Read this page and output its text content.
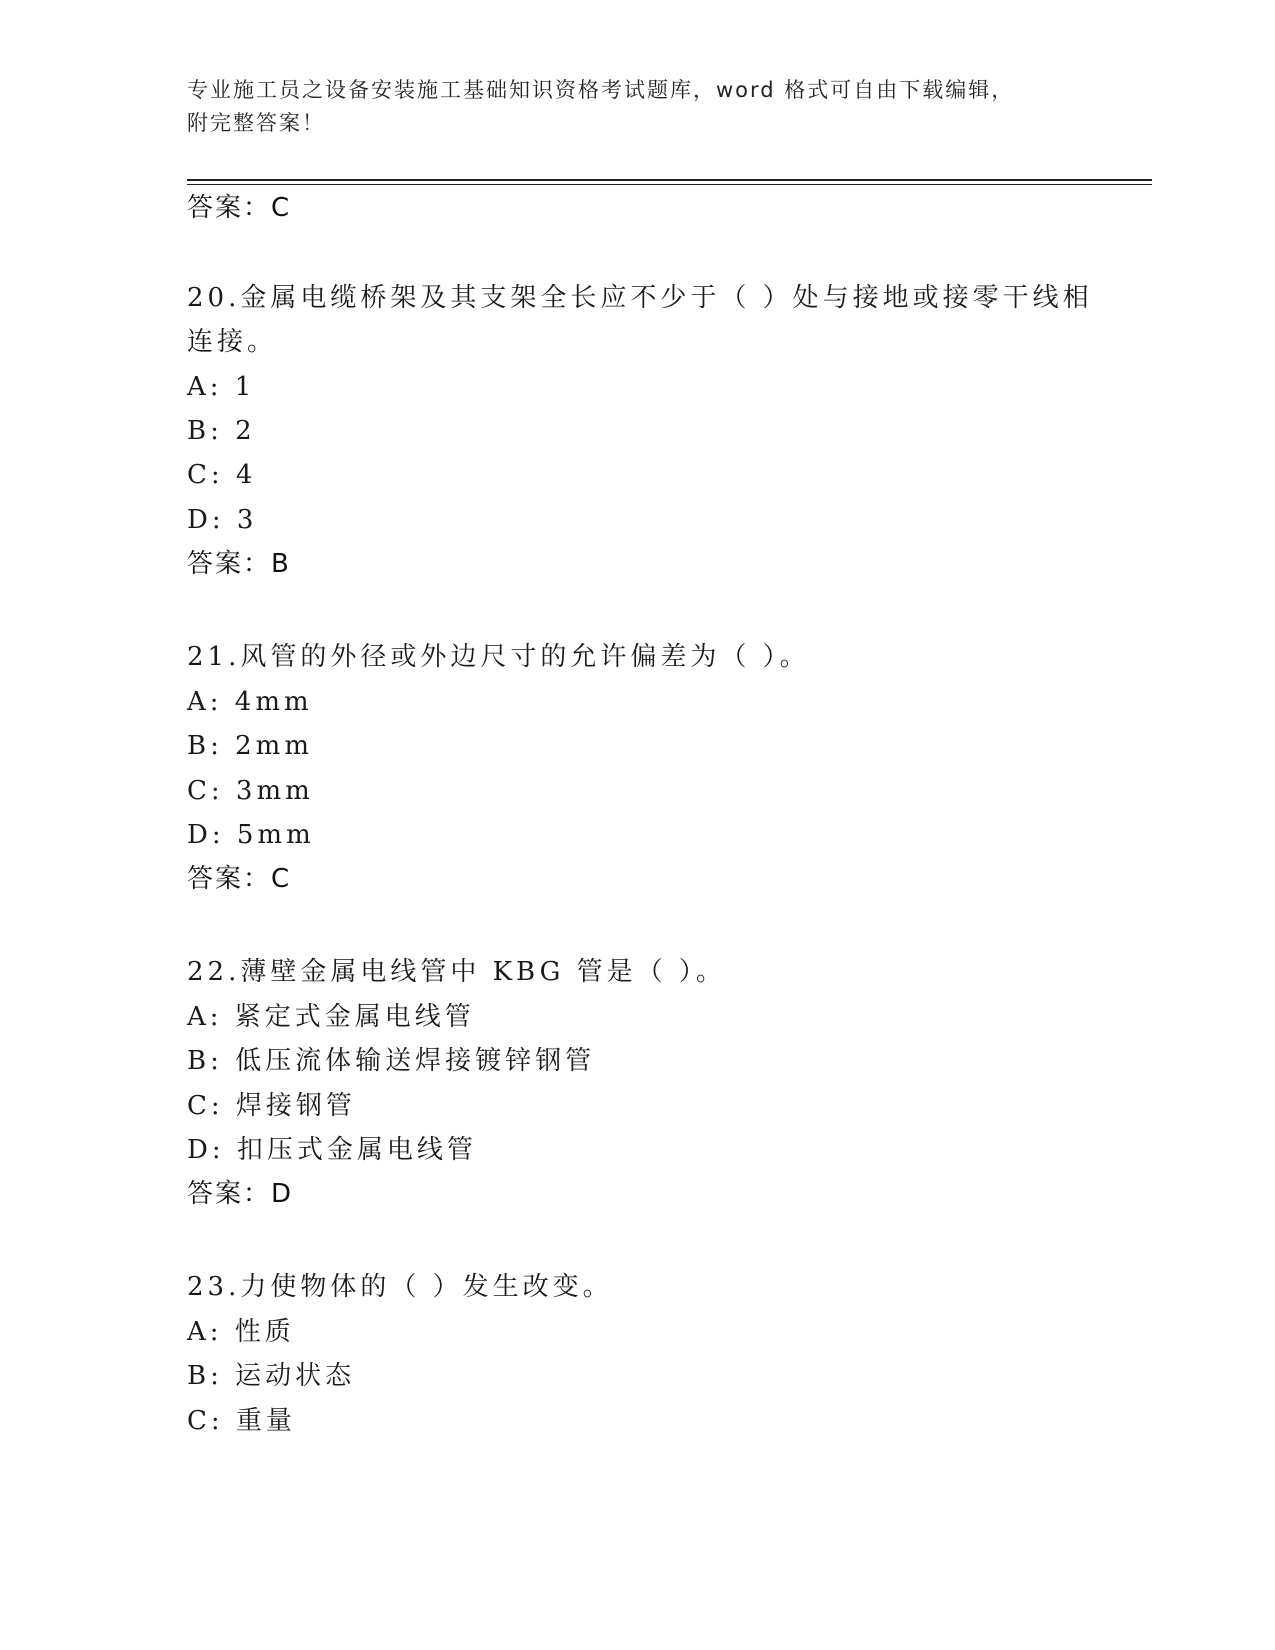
专业施工员之设备安装施工基础知识资格考试题库，word 格式可自由下载编辑，
附完整答案！
答案：C
20.金属电缆桥架及其支架全长应不少于（ ）处与接地或接零干线相
连接。
A: 1
B: 2
C: 4
D: 3
答案：B
21.风管的外径或外边尺寸的允许偏差为（ ）。
A: 4mm
B: 2mm
C: 3mm
D: 5mm
答案：C
22.薄壁金属电线管中 KBG 管是（ ）。
A: 紧定式金属电线管
B: 低压流体输送焊接镀锌钢管
C: 焊接钢管
D: 扣压式金属电线管
答案：D
23.力使物体的（ ）发生改变。
A: 性质
B: 运动状态
C: 重量
